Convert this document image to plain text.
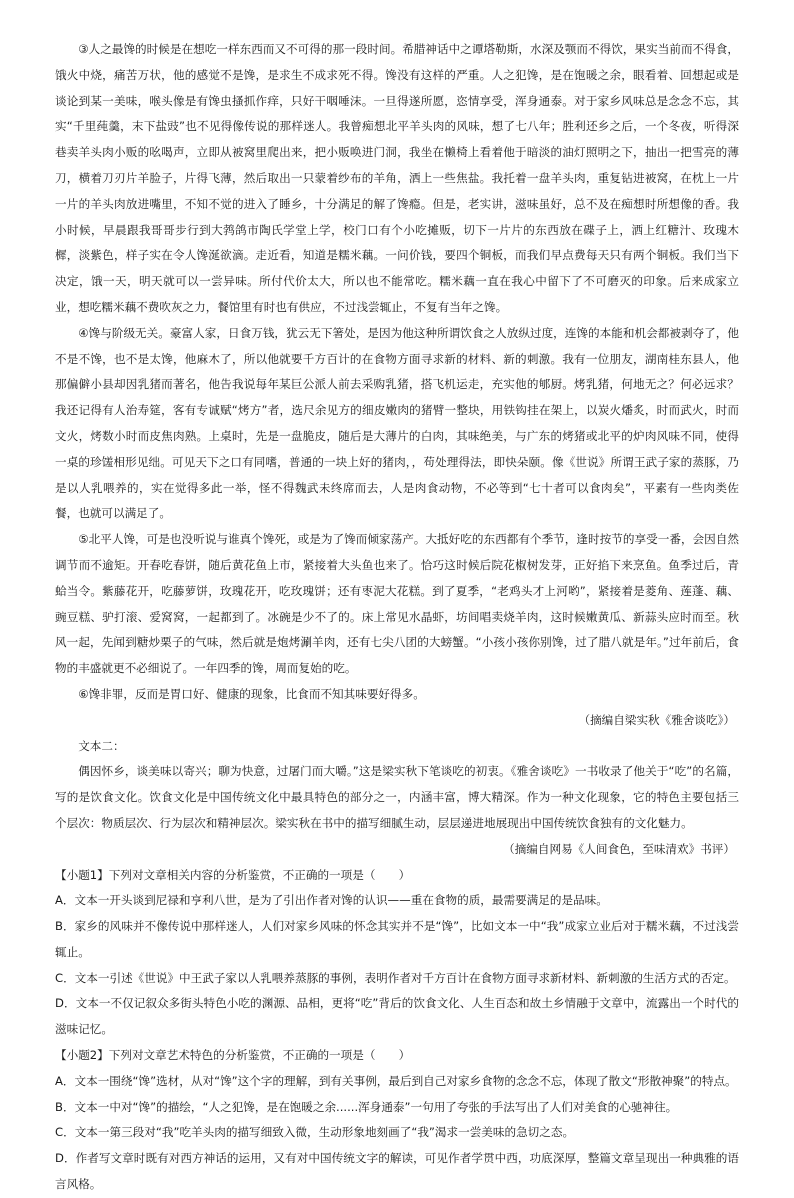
③人之最馋的时候是在想吃一样东西而又不可得的那一段时间。希腊神话中之谭塔勒斯，水深及颚而不得饮，果实当前而不得食，饿火中烧，痛苦万状，他的感觉不是馋，是求生不成求死不得。馋没有这样的严重。人之犯馋，是在饱暖之余，眼看着、回想起或是谈论到某一美味，喉头像是有馋虫搔抓作痒，只好干咽唾沫。一旦得遂所愿，恣情享受，浑身通泰。对于家乡风味总是念念不忘，其实“千里莼羹，末下盐豉”也不见得像传说的那样迷人。我曾痴想北平羊头肉的风味，想了七八年；胜利还乡之后，一个冬夜，听得深巷卖羊头肉小贩的吆喝声，立即从被窝里爬出来，把小贩唤进门洞，我坐在懒椅上看着他于暗淡的油灯照明之下，抽出一把雪亮的薄刀，横着刀刃片羊脸子，片得飞薄，然后取出一只蒙着纱布的羊角，洒上一些焦盐。我托着一盘羊头肉，重复钻进被窝，在枕上一片一片的羊头肉放进嘴里，不知不觉的进入了睡乡，十分满足的解了馋瘾。但是，老实讲，滋味虽好，总不及在痴想时所想像的香。我小时候，早晨跟我哥哥步行到大鹁鸽市陶氏学堂上学，校门口有个小吃摊贩，切下一片片的东西放在碟子上，洒上红糖汁、玫瑰木樨，淡紫色，样子实在令人馋涎欲滴。走近看，知道是糯米藕。一问价钱，要四个铜板，而我们早点费每天只有两个铜板。我们当下决定，饿一天，明天就可以一尝异味。所付代价太大，所以也不能常吃。糯米藕一直在我心中留下了不可磨灭的印象。后来成家立业，想吃糯米藕不费吹灰之力，餐馆里有时也有供应，不过浅尝辄止，不复有当年之馋。

④馋与阶级无关。豪富人家，日食万钱，犹云无下箸处，是因为他这种所谓饮食之人放纵过度，连馋的本能和机会都被剥夺了，他不是不馋，也不是太馋，他麻木了，所以他就要千方百计的在食物方面寻求新的材料、新的刺激。我有一位朋友，湖南桂东县人，他那偏僻小县却因乳猪而著名，他告我说每年某巨公派人前去采购乳猪，搭飞机运走，充实他的郇厨。烤乳猪，何地无之？何必远求？我还记得有人治寿筵，客有专诚赋“烤方”者，选尺余见方的细皮嫩肉的猪臂一整块，用铁钩挂在架上，以炭火燔炙，时而武火，时而文火，烤数小时而皮焦肉熟。上桌时，先是一盘脆皮，随后是大薄片的白肉，其味绝美，与广东的烤猪或北平的炉肉风味不同，使得一桌的珍馐相形见绌。可见天下之口有同嗜，普通的一块上好的猪肉，，苟处理得法，即快朵颐。像《世说》所谓王武子家的蒸豚，乃是以人乳喂养的，实在觉得多此一举，怪不得魏武未终席而去，人是肉食动物，不必等到“七十者可以食肉矣”，平素有一些肉类佐餐，也就可以满足了。

⑤北平人馋，可是也没听说与谁真个馋死，或是为了馋而倾家荡产。大抵好吃的东西都有个季节，逢时按节的享受一番，会因自然调节而不逾矩。开春吃春饼，随后黄花鱼上市，紧接着大头鱼也来了。恰巧这时候后院花椒树发芽，正好掐下来烹鱼。鱼季过后，青蛤当令。紫藤花开，吃藤萝饼，玫瑰花开，吃玫瑰饼；还有枣泥大花糕。到了夏季，“老鸡头才上河哟”，紧接着是菱角、莲蓬、藕、豌豆糕、驴打滚、爱窝窝，一起都到了。冰碗是少不了的。床上常见水晶虾，坊间唱卖烧羊肉，这时候嫩黄瓜、新蒜头应时而至。秋风一起，先闻到糖炒栗子的气味，然后就是炮烤涮羊肉，还有七尖八团的大螃蟹。“小孩小孩你别馋，过了腊八就是年。”过年前后，食物的丰盛就更不必细说了。一年四季的馋，周而复始的吃。

⑥馋非罪，反而是胃口好、健康的现象，比食而不知其味要好得多。

（摘编自梁实秋《雅舍谈吃》）

文本二：

偶因怀乡，谈美味以寄兴；聊为快意，过屠门而大嚼。”这是梁实秋下笔谈吃的初衷。《雅舍谈吃》一书收录了他关于“吃”的名篇，写的是饮食文化。饮食文化是中国传统文化中最具特色的部分之一，内涵丰富，博大精深。作为一种文化现象，它的特色主要包括三个层次：物质层次、行为层次和精神层次。梁实秋在书中的描写细腻生动，层层递进地展现出中国传统饮食独有的文化魅力。

（摘编自网易《人间食色，至味清欢》书评）

【小题1】下列对文章相关内容的分析鉴赏，不正确的一项是（　　）

A．文本一开头谈到尼禄和亨利八世，是为了引出作者对馋的认识——重在食物的质，最需要满足的是品味。

B．家乡的风味并不像传说中那样迷人，人们对家乡风味的怀念其实并不是“馋”，比如文本一中“我”成家立业后对于糯米藕，不过浅尝辄止。

C．文本一引述《世说》中王武子家以人乳喂养蒸豚的事例，表明作者对千方百计在食物方面寻求新材料、新刺激的生活方式的否定。

D．文本一不仅记叙众多街头特色小吃的渊源、品相，更将“吃”背后的饮食文化、人生百态和故土乡情融于文章中，流露出一个时代的滋味记忆。

【小题2】下列对文章艺术特色的分析鉴赏，不正确的一项是（　　）

A．文本一围绕“馋”选材，从对“馋”这个字的理解，到有关事例，最后到自己对家乡食物的念念不忘，体现了散文“形散神聚”的特点。

B．文本一中对“馋”的描绘，“人之犯馋，是在饱暖之余......浑身通泰”一句用了夸张的手法写出了人们对美食的心驰神往。

C．文本一第三段对“我”吃羊头肉的描写细致入微，生动形象地刻画了“我”渴求一尝美味的急切之态。

D．作者写文章时既有对西方神话的运用，又有对中国传统文字的解读，可见作者学贯中西，功底深厚，整篇文章呈现出一种典雅的语言风格。
